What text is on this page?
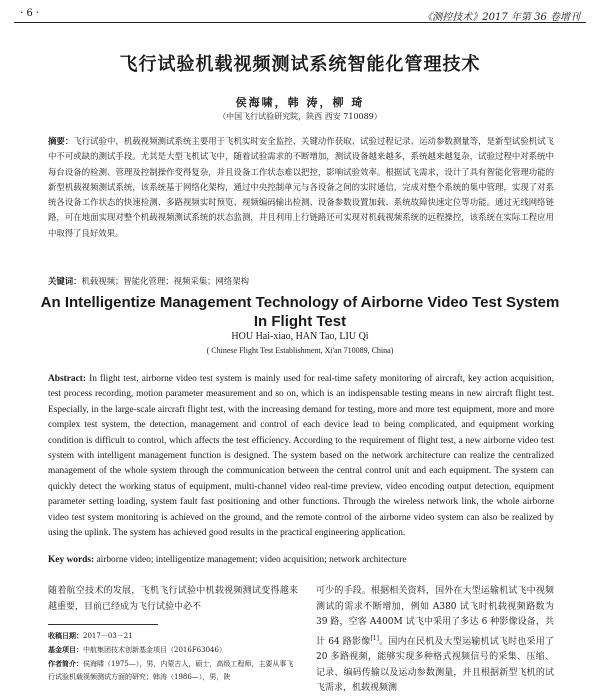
· 6 ·	《测控技术》2017 年第 36 卷增刊
飞行试验机载视频测试系统智能化管理技术
侯海啸，韩 涛，柳 琦
（中国飞行试验研究院，陕西 西安 710089）
摘要：飞行试验中，机载视频测试系统主要用于飞机实时安全监控、关键动作获取、试验过程记录、运动参数测量等，是新型试验机试飞中不可或缺的测试手段。尤其是大型飞机试飞中，随着试验需求的不断增加，测试设备越来越多，系统越来越复杂，试验过程中对系统中每台设备的检测、管理及控制操作变得复杂，并且设备工作状态难以把控，影响试验效率。根据试飞需求，设计了具有智能化管理功能的新型机载视频测试系统，该系统基于网络化架构，通过中央控制单元与各设备之间的实时通信，完成对整个系统的集中管理，实现了对系统各设备工作状态的快速检测、多路视频实时预览、视频编码输出检测、设备参数设置加载、系统故障快速定位等功能。通过无线网络链路，可在地面实现对整个机载视频测试系统的状态监测，并且利用上行链路还可实现对机载视频系统的远程操控，该系统在实际工程应用中取得了良好效果。
关键词：机载视频；智能化管理；视频采集；网络架构
An Intelligentize Management Technology of Airborne Video Test System In Flight Test
HOU Hai-xiao, HAN Tao, LIU Qi
( Chinese Flight Test Establishment, Xi'an 710089, China)
Abstract: In flight test, airborne video test system is mainly used for real-time safety monitoring of aircraft, key action acquisition, test process recording, motion parameter measurement and so on, which is an indispensable testing means in new aircraft flight test. Especially, in the large-scale aircraft flight test, with the increasing demand for testing, more and more test equipment, more and more complex test system, the detection, management and control of each device lead to being complicated, and equipment working condition is difficult to control, which affects the test efficiency. According to the requirement of flight test, a new airborne video test system with intelligent management function is designed. The system based on the network architecture can realize the centralized management of the whole system through the communication between the central control unit and each equipment. The system can quickly detect the working status of equipment, multi-channel video real-time preview, video encoding output detection, equipment parameter setting loading, system fault fast positioning and other functions. Through the wireless network link, the whole airborne video test system monitoring is achieved on the ground, and the remote control of the airborne video system can also be realized by using the uplink. The system has achieved good results in the practical engineering application.
Key words: airborne video; intelligentize management; video acquisition; network architecture
随着航空技术的发展，飞机飞行试验中机载视频测试变得越来越重要，目前已经成为飞行试验中必不
收稿日期：2017－03－21
基金项目：中航集团技术创新基金项目（2016F63046）
作者简介：侯海啸（1975—），男，内蒙古人，硕士，高级工程师，主要从事飞行试验机载视频测试方面的研究；韩涛（1986—），男，陕
可少的手段。根据相关资料，国外在大型运输机试飞中视频测试的需求不断增加，例如 A380 试飞时机载视频路数为 39 路，空客 A400M 试飞中采用了多达 6 种影像设备，共计 64 路影像[1]。国内在民机及大型运输机试飞时也采用了 20 多路视频，能够实现多种格式视频信号的采集、压缩、记录、编码传输以及运动参数测量，并且根据新型飞机的试飞需求，机载视频测
